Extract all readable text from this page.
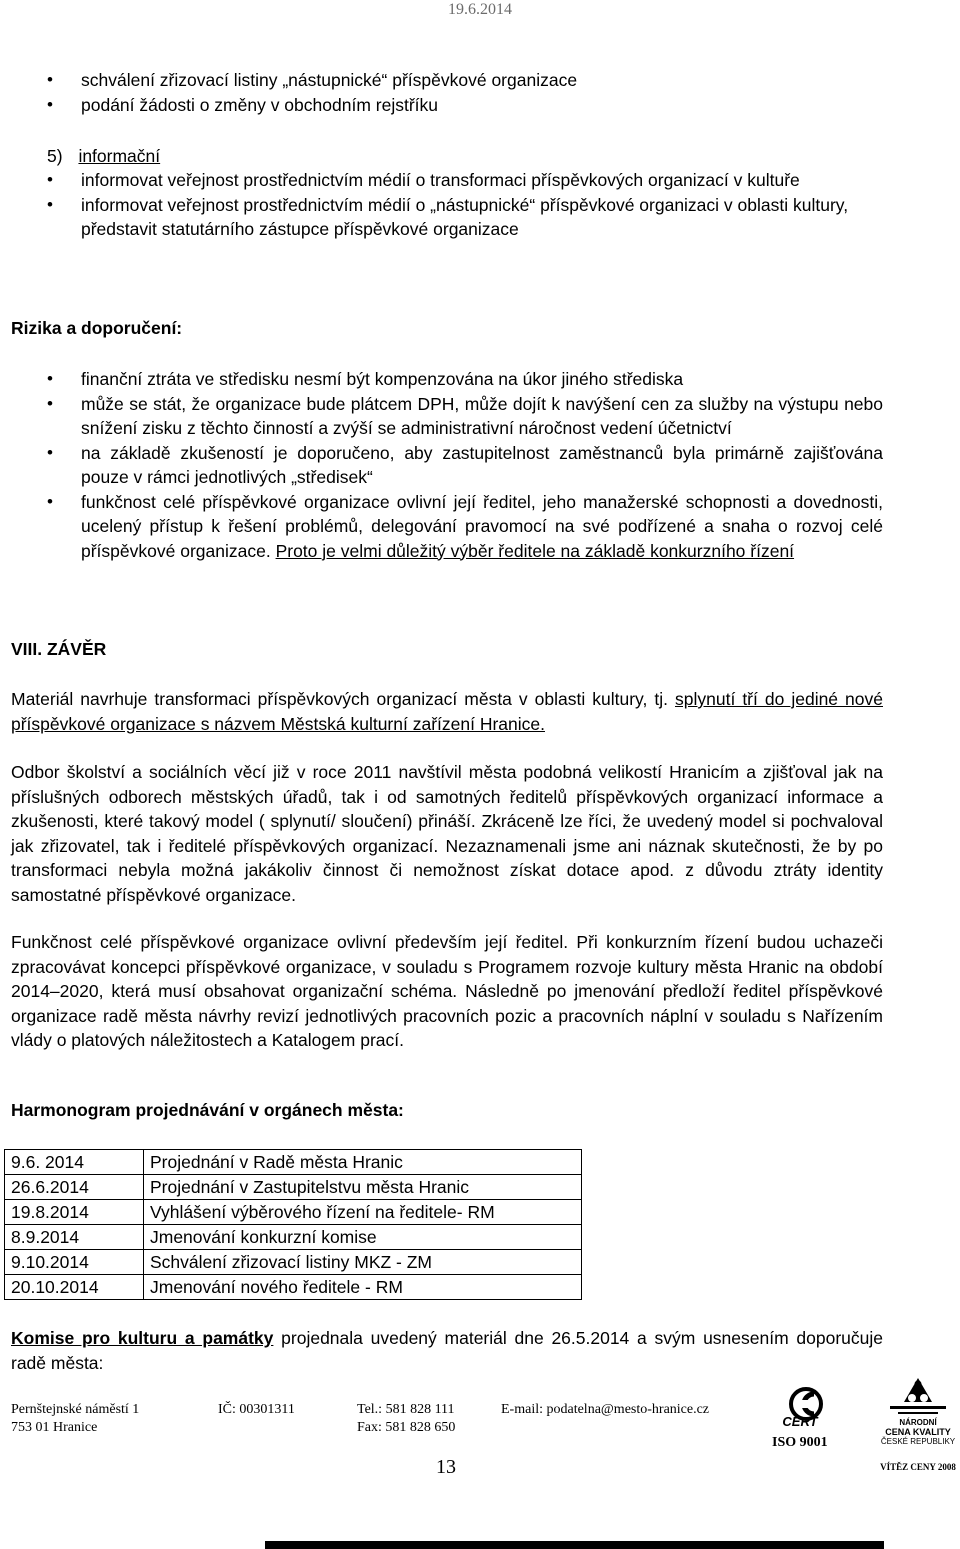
19.6.2014
• schválení zřizovací listiny „nástupnické“ příspěvkové organizace
• podání žádosti o změny v obchodním rejstříku
5) informační
• informovat veřejnost prostřednictvím médií o transformaci příspěvkových organizací v kultuře
• informovat veřejnost prostřednictvím médií o „nástupnické“ příspěvkové organizaci v oblasti kultury, představit statutárního zástupce příspěvkové organizace
Rizika a doporučení:
• finanční ztráta ve středisku nesmí být kompenzována na úkor jiného střediska
• může se stát, že organizace bude plátcem DPH, může dojít k navýšení cen za služby na výstupu nebo snížení zisku z těchto činností a zvýší se administrativní náročnost vedení účetnictví
• na základě zkušeností je doporučeno, aby zastupitelnost zaměstnanců byla primárně zajišťována pouze v rámci jednotlivých „středisek“
• funkčnost celé příspěvkové organizace ovlivní její ředitel, jeho manažerské schopnosti a dovednosti, ucelený přístup k řešení problémů, delegování pravomocí na své podřízené a snaha o rozvoj celé příspěvkové organizace. Proto je velmi důležitý výběr ředitele na základě konkurzního řízení
VIII. ZÁVĚR
Materiál navrhuje transformaci příspěvkových organizací města v oblasti kultury, tj. splynutí tří do jediné nové příspěvkové organizace s názvem Městská kulturní zařízení Hranice.
Odbor školství a sociálních věcí již v roce 2011 navštívil města podobná velikostí Hranicím a zjišťoval jak na příslušných odborech městských úřadů, tak i od samotných ředitelů příspěvkových organizací informace a zkušenosti, které takový model ( splynutí/ sloučení) přináší. Zkráceně lze říci, že uvedený model si pochvaloval jak zřizovatel, tak i ředitelé příspěvkových organizací. Nezaznamenali jsme ani náznak skutečnosti, že by po transformaci nebyla možná jakákoliv činnost či nemožnost získat dotace apod. z důvodu ztráty identity samostatné příspěvkové organizace.
Funkčnost celé příspěvkové organizace ovlivní především její ředitel. Při konkurzním řízení budou uchazeči zpracovávat koncepci příspěvkové organizace, v souladu s Programem rozvoje kultury města Hranic na období 2014–2020, která musí obsahovat organizační schéma. Následně po jmenování předloží ředitel příspěvkové organizace radě města návrhy revizí jednotlivých pracovních pozic a pracovních náplní v souladu s Nařízením vlády o platových náležitostech a Katalogem prací.
Harmonogram projednávání v orgánech města:
9.6. 2014	Projednání v Radě města Hranic
26.6.2014	Projednání v Zastupitelstvu města Hranic
19.8.2014	Vyhlášení výběrového řízení na ředitele- RM
8.9.2014	Jmenování konkurzní komise
9.10.2014	Schválení zřizovací listiny MKZ - ZM
20.10.2014	Jmenování nového ředitele - RM
Komise pro kulturu a památky projednala uvedený materiál dne 26.5.2014 a svým usnesením doporučuje radě města:
Pernštejnské náměstí 1
753 01 Hranice
IČ: 00301311	Tel.: 581 828 111
Fax: 581 828 650
E-mail: podatelna@mesto-hranice.cz
13
CERT
ISO 9001
NÁRODNÍ
CENA KVALITY
ČESKÉ REPUBLIKY
VÍTĚZ CENY 2008
